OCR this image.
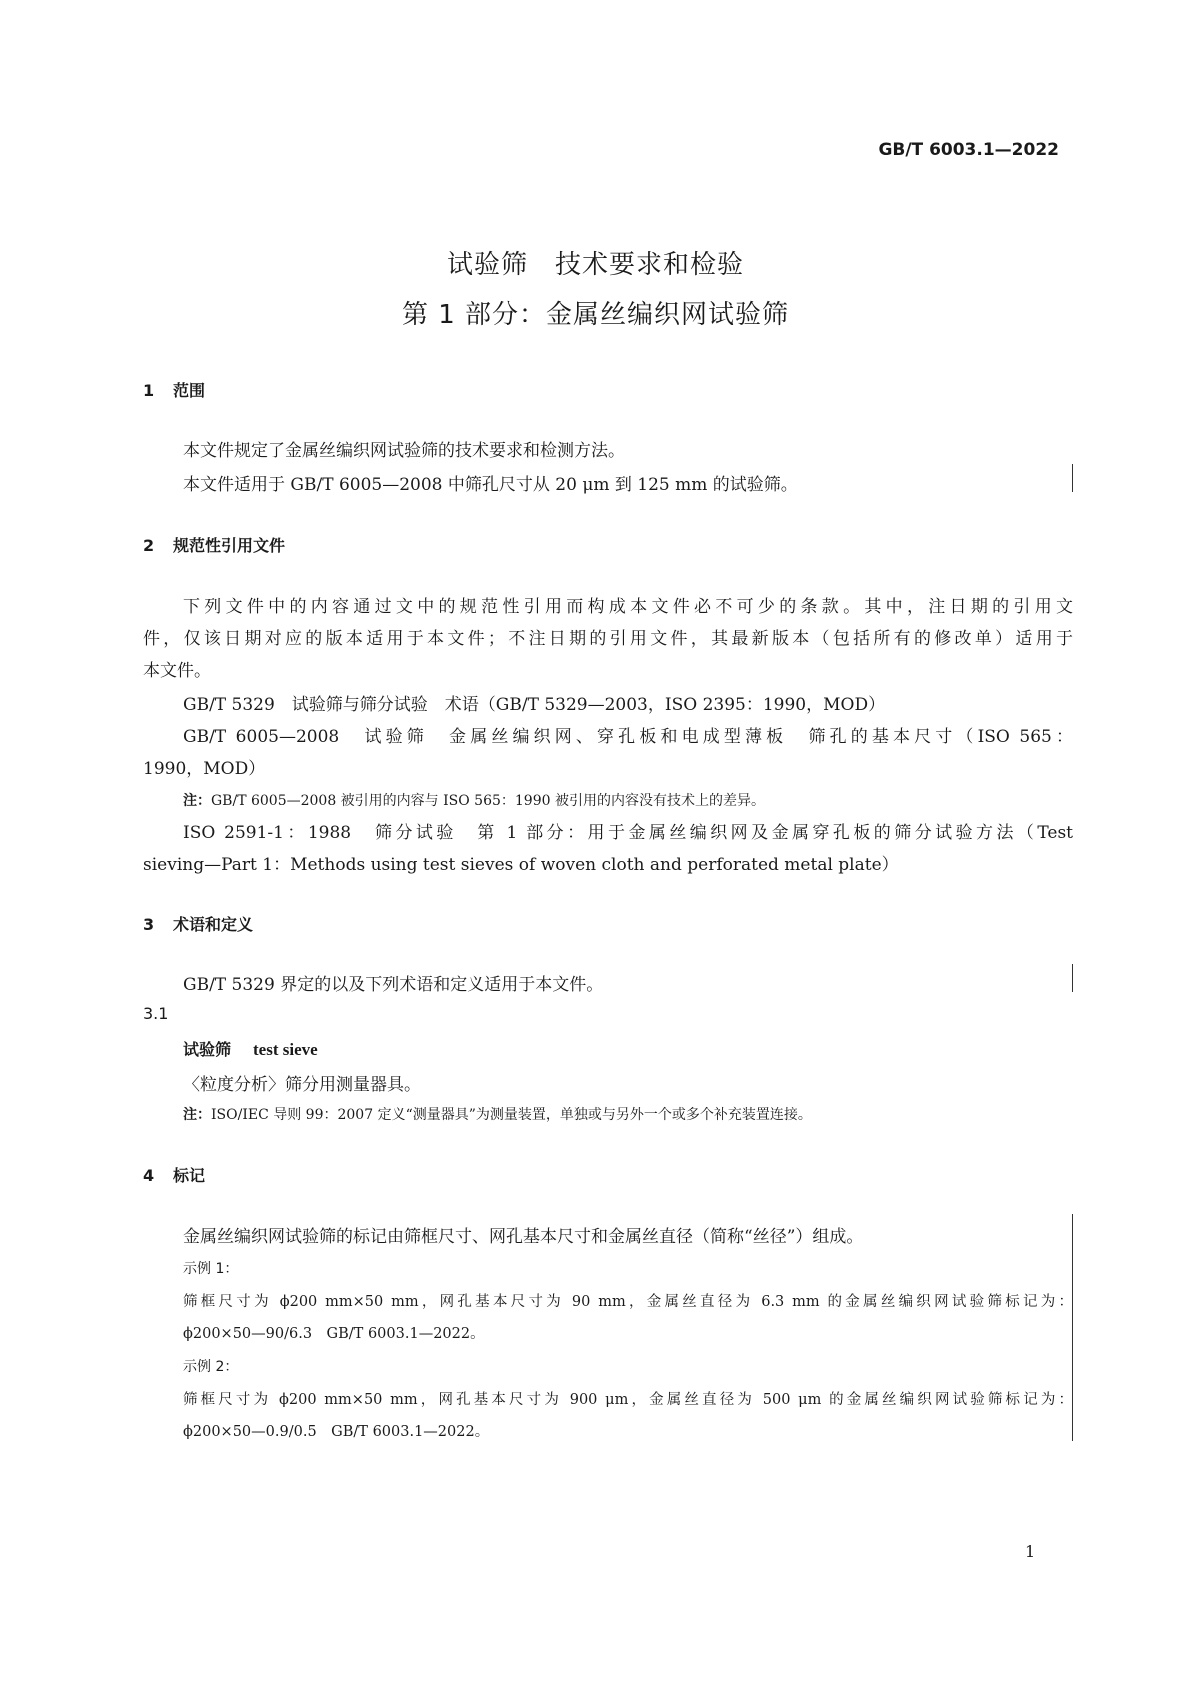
GB/T 6003.1—2022
试验筛　技术要求和检验
第 1 部分：金属丝编织网试验筛
1 范围
本文件规定了金属丝编织网试验筛的技术要求和检测方法。
本文件适用于 GB/T 6005—2008 中筛孔尺寸从 20 μm 到 125 mm 的试验筛。
2 规范性引用文件
下列文件中的内容通过文中的规范性引用而构成本文件必不可少的条款。其中，注日期的引用文
件，仅该日期对应的版本适用于本文件；不注日期的引用文件，其最新版本（包括所有的修改单）适用于
本文件。
GB/T 5329　试验筛与筛分试验　术语（GB/T 5329—2003，ISO 2395：1990，MOD）
GB/T 6005—2008　试验筛　金属丝编织网、穿孔板和电成型薄板　筛孔的基本尺寸（ISO 565：
1990，MOD）
注：GB/T 6005—2008 被引用的内容与 ISO 565：1990 被引用的内容没有技术上的差异。
ISO 2591-1：1988　筛分试验　第 1 部分：用于金属丝编织网及金属穿孔板的筛分试验方法（Test
sieving—Part 1：Methods using test sieves of woven cloth and perforated metal plate）
3 术语和定义
GB/T 5329 界定的以及下列术语和定义适用于本文件。
3.1
试验筛 test sieve
〈粒度分析〉筛分用测量器具。
注：ISO/IEC 导则 99：2007 定义“测量器具”为测量装置，单独或与另外一个或多个补充装置连接。
4 标记
金属丝编织网试验筛的标记由筛框尺寸、网孔基本尺寸和金属丝直径（简称“丝径”）组成。
示例 1：
筛框尺寸为 ϕ200 mm×50 mm，网孔基本尺寸为 90 mm，金属丝直径为 6.3 mm 的金属丝编织网试验筛标记为：
ϕ200×50—90/6.3　GB/T 6003.1—2022。
示例 2：
筛框尺寸为 ϕ200 mm×50 mm，网孔基本尺寸为 900 μm，金属丝直径为 500 μm 的金属丝编织网试验筛标记为：
ϕ200×50—0.9/0.5　GB/T 6003.1—2022。
1
